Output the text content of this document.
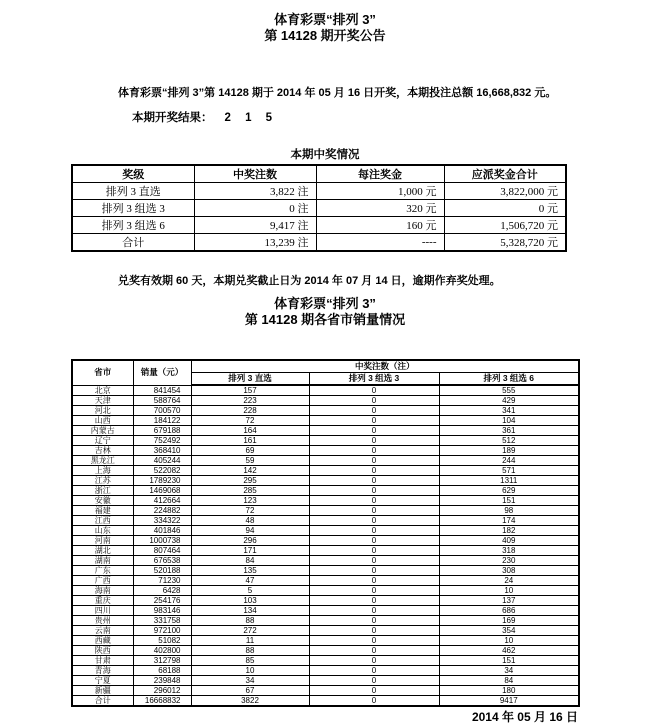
体育彩票“排列 3”
第 14128 期开奖公告

体育彩票“排列 3”第 14128 期于 2014 年 05 月 16 日开奖，本期投注总额 16,668,832 元。

本期开奖结果： 2 1 5

本期中奖情况
奖级	中奖注数	每注奖金	应派奖金合计
排列 3 直选	3,822 注	1,000 元	3,822,000 元
排列 3 组选 3	0 注	320 元	0 元
排列 3 组选 6	9,417 注	160 元	1,506,720 元
合计	13,239 注	----	5,328,720 元

兑奖有效期 60 天，本期兑奖截止日为 2014 年 07 月 14 日，逾期作弃奖处理。

体育彩票“排列 3”
第 14128 期各省市销量情况
省市	销量（元）	中奖注数（注）		
		排列 3 直选	排列 3 组选 3	排列 3 组选 6
北京	841454	157	0	555
天津	588764	223	0	429
河北	700570	228	0	341
山西	184122	72	0	104
内蒙古	679188	164	0	361
辽宁	752492	161	0	512
吉林	368410	69	0	189
黑龙江	405244	59	0	244
上海	522082	142	0	571
江苏	1789230	295	0	1311
浙江	1469068	285	0	629
安徽	412664	123	0	151
福建	224882	72	0	98
江西	334322	48	0	174
山东	401846	94	0	182
河南	1000738	296	0	409
湖北	807464	171	0	318
湖南	676538	84	0	230
广东	520188	135	0	308
广西	71230	47	0	24
海南	6428	5	0	10
重庆	254176	103	0	137
四川	983146	134	0	686
贵州	331758	88	0	169
云南	972100	272	0	354
西藏	51082	11	0	10
陕西	402800	88	0	462
甘肃	312798	85	0	151
青海	68188	10	0	34
宁夏	239848	34	0	84
新疆	296012	67	0	180
合计	16668832	3822	0	9417
2014 年 05 月 16 日
